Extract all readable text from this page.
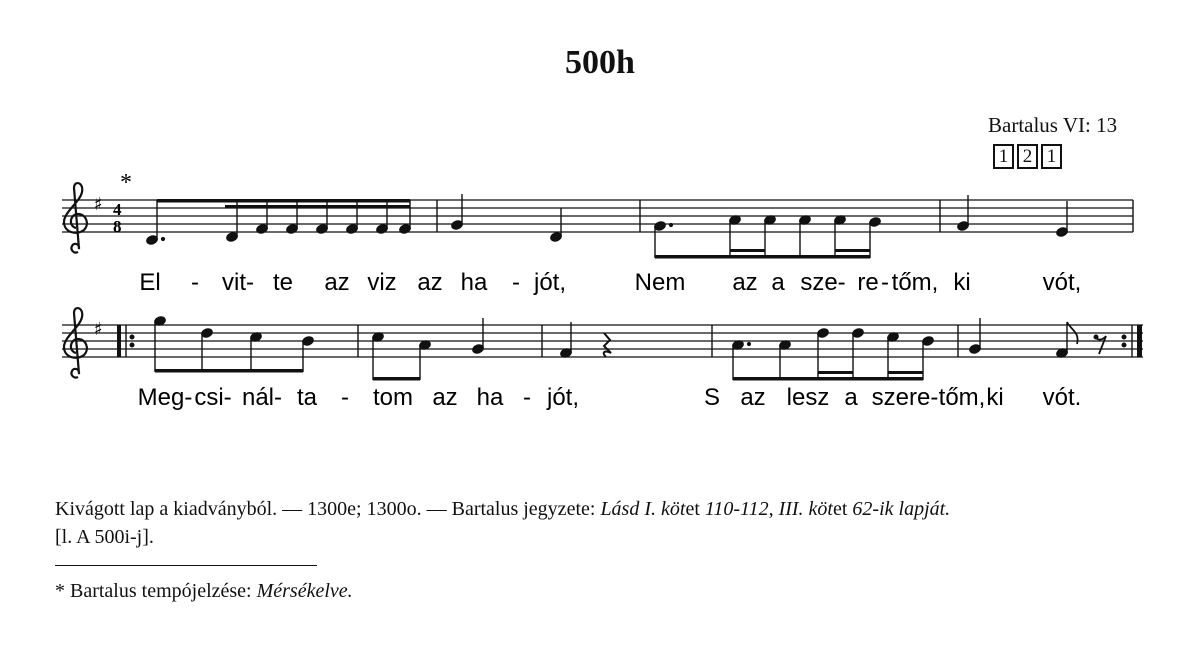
500h
Bartalus VI: 13
1 2 1
*
♯ 4
8
♯
El - vit- te az viz az ha - jót,	Nem az a sze- re - tőm, ki	vót,
Meg- csi- nál- ta - tom az ha - jót,	S az lesz a szere- tőm, ki vót.
Kivágott lap a kiadványból. — 1300e; 1300o. — Bartalus jegyzete: Lásd I. kötet 110-112, III. kötet 62-ik lapját.
[l. A 500i-j].
* Bartalus tempójelzése: Mérsékelve.
